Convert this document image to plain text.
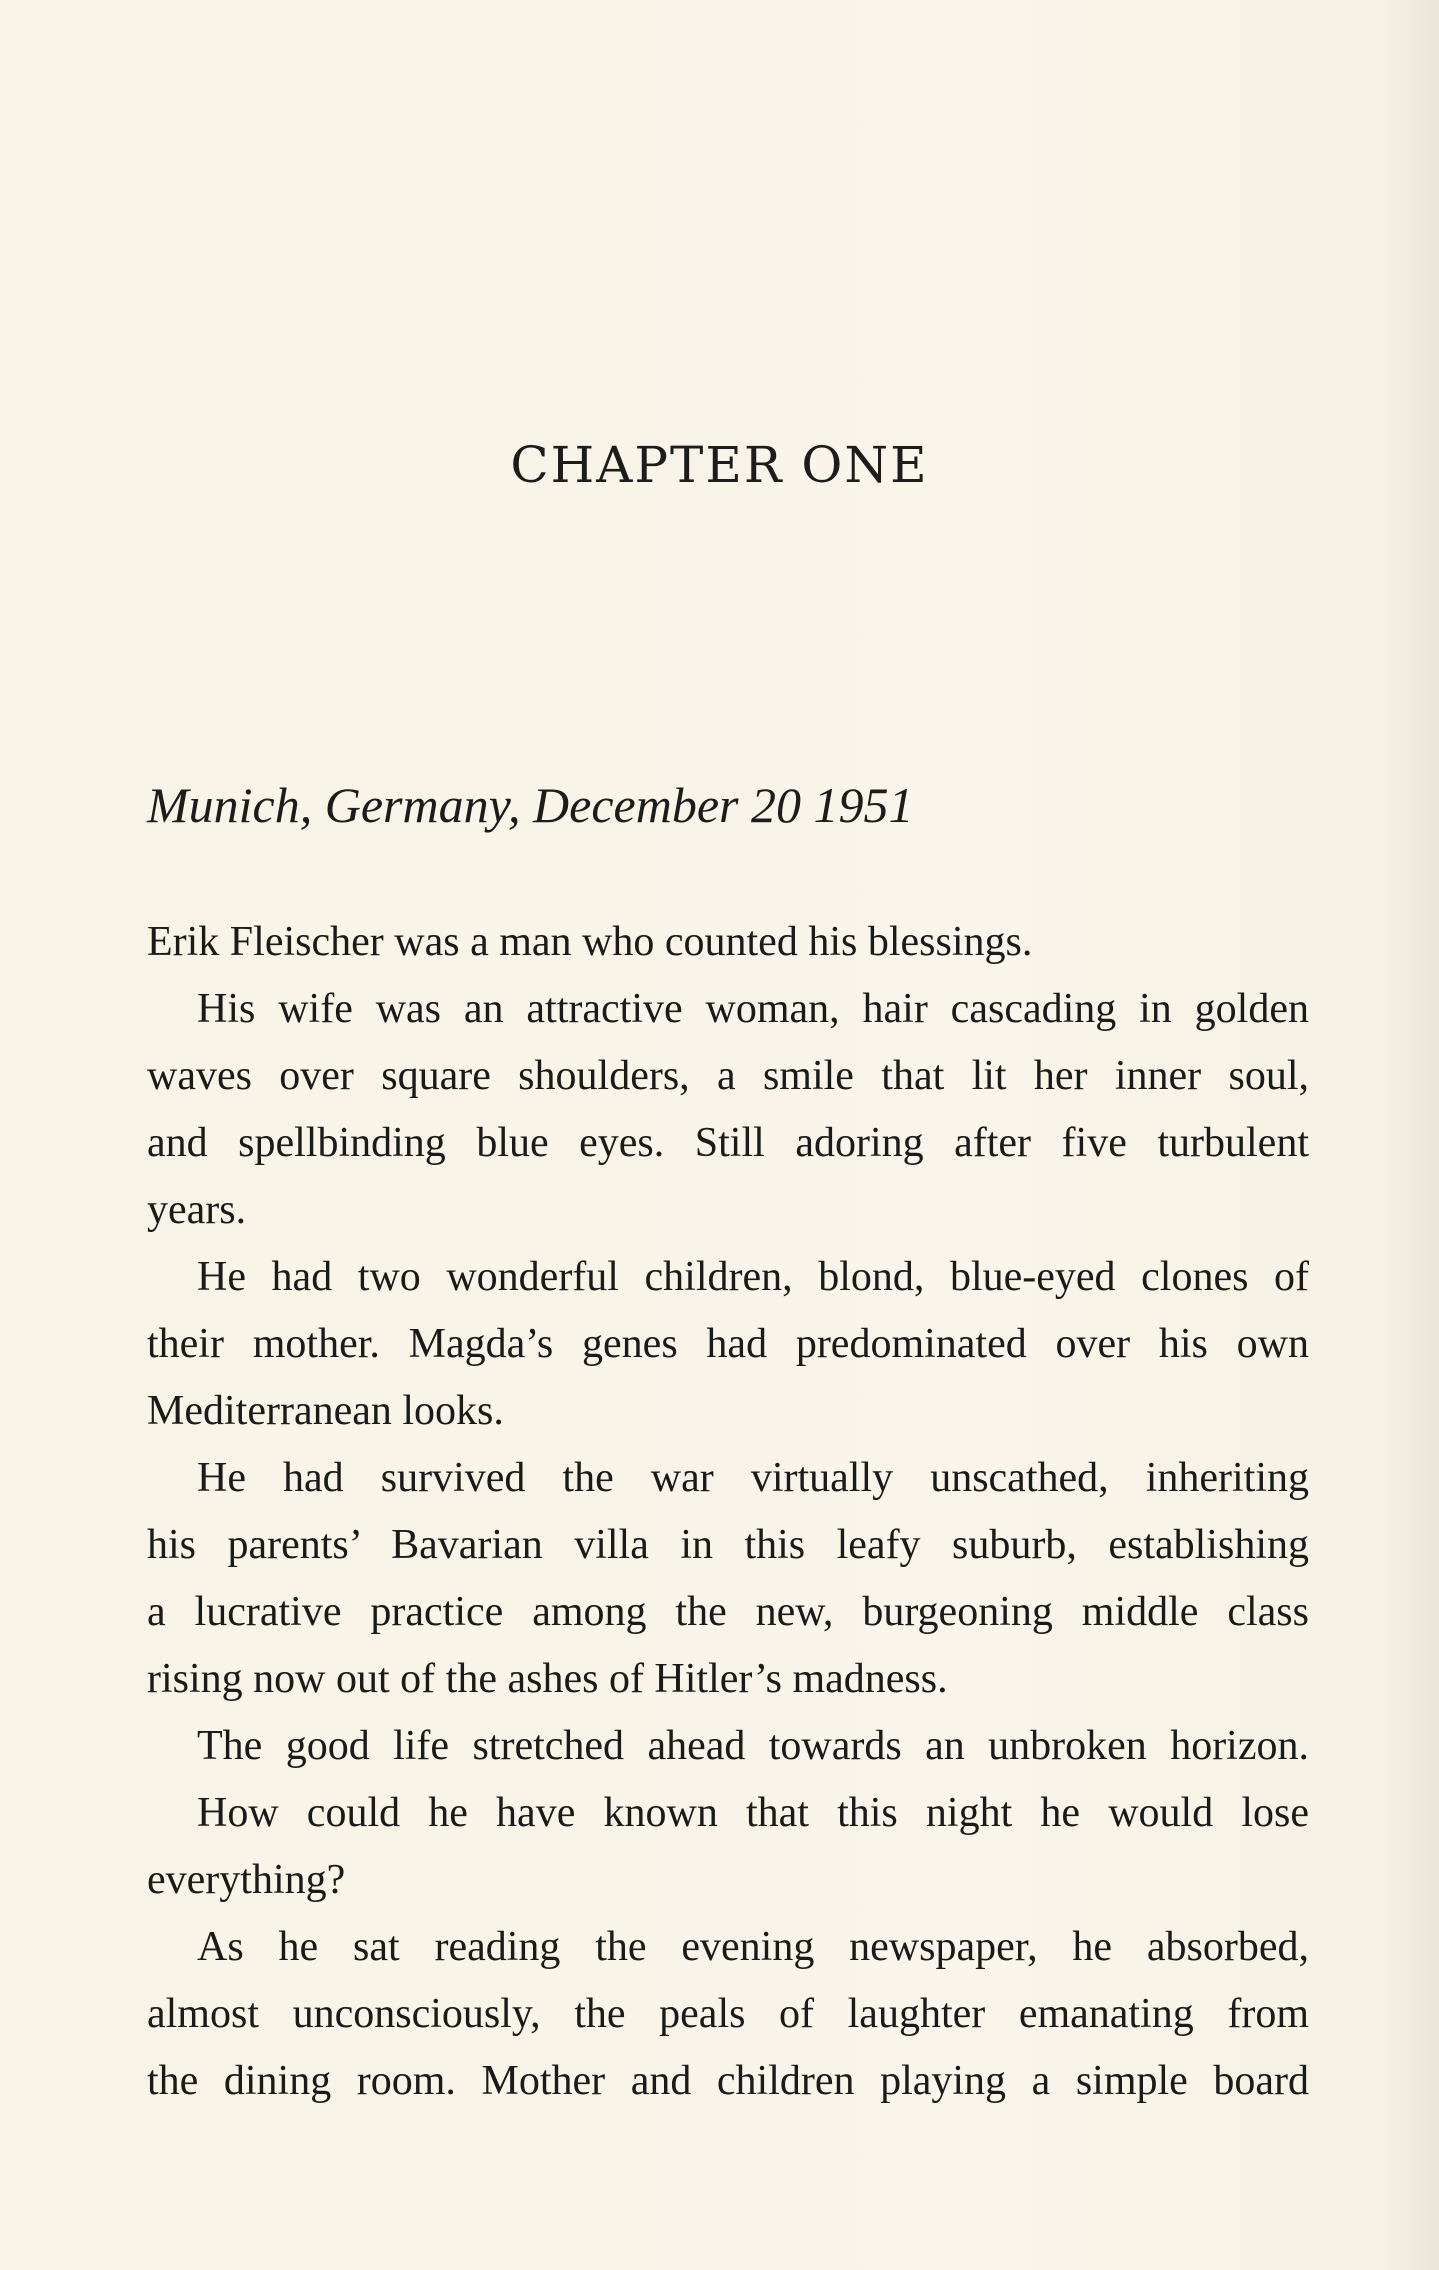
CHAPTER ONE
Munich, Germany, December 20 1951
Erik Fleischer was a man who counted his blessings.
His wife was an attractive woman, hair cascading in golden
waves over square shoulders, a smile that lit her inner soul,
and spellbinding blue eyes. Still adoring after five turbulent
years.
He had two wonderful children, blond, blue-eyed clones of
their mother. Magda’s genes had predominated over his own
Mediterranean looks.
He had survived the war virtually unscathed, inheriting
his parents’ Bavarian villa in this leafy suburb, establishing
a lucrative practice among the new, burgeoning middle class
rising now out of the ashes of Hitler’s madness.
The good life stretched ahead towards an unbroken horizon.
How could he have known that this night he would lose
everything?
As he sat reading the evening newspaper, he absorbed,
almost unconsciously, the peals of laughter emanating from
the dining room. Mother and children playing a simple board
